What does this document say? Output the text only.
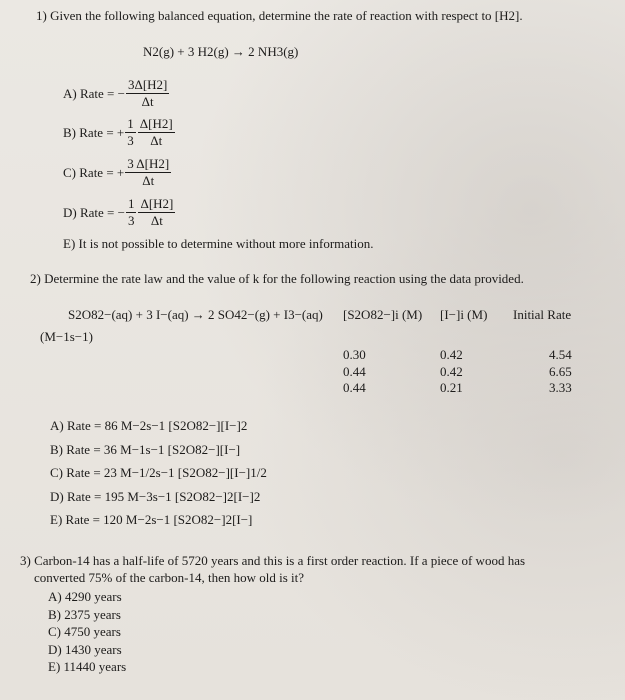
1) Given the following balanced equation, determine the rate of reaction with respect to [H2].
N2(g) + 3 H2(g) → 2 NH3(g)
A) Rate = − $\frac{3\Delta[H2]}{\Delta t}$
B) Rate = + $\frac{1}{3} \frac{\Delta[H2]}{\Delta t}$
C) Rate = + $\frac{3 \Delta[H2]}{\Delta t}$
D) Rate = − $\frac{1}{3} \frac{\Delta[H2]}{\Delta t}$
E) It is not possible to determine without more information.
2) Determine the rate law and the value of k for the following reaction using the data provided.
S2O82−(aq) + 3 I−(aq) → 2 SO42−(g) + I3−(aq) [S2O82−]i (M) [I−]i (M) Initial Rate
(M−1s−1)
0.30
0.44
0.44
0.42
0.42
0.21
4.54
6.65
3.33
A) Rate = 86 M−2s−1 [S2O82−][I−]2
B) Rate = 36 M−1s−1 [S2O82−][I−]
C) Rate = 23 M−1/2s−1 [S2O82−][I−]1/2
D) Rate = 195 M−3s−1 [S2O82−]2[I−]2
E) Rate = 120 M−2s−1 [S2O82−]2[I−]
3) Carbon-14 has a half-life of 5720 years and this is a first order reaction. If a piece of wood has
converted 75% of the carbon-14, then how old is it?
A) 4290 years
B) 2375 years
C) 4750 years
D) 1430 years
E) 11440 years
